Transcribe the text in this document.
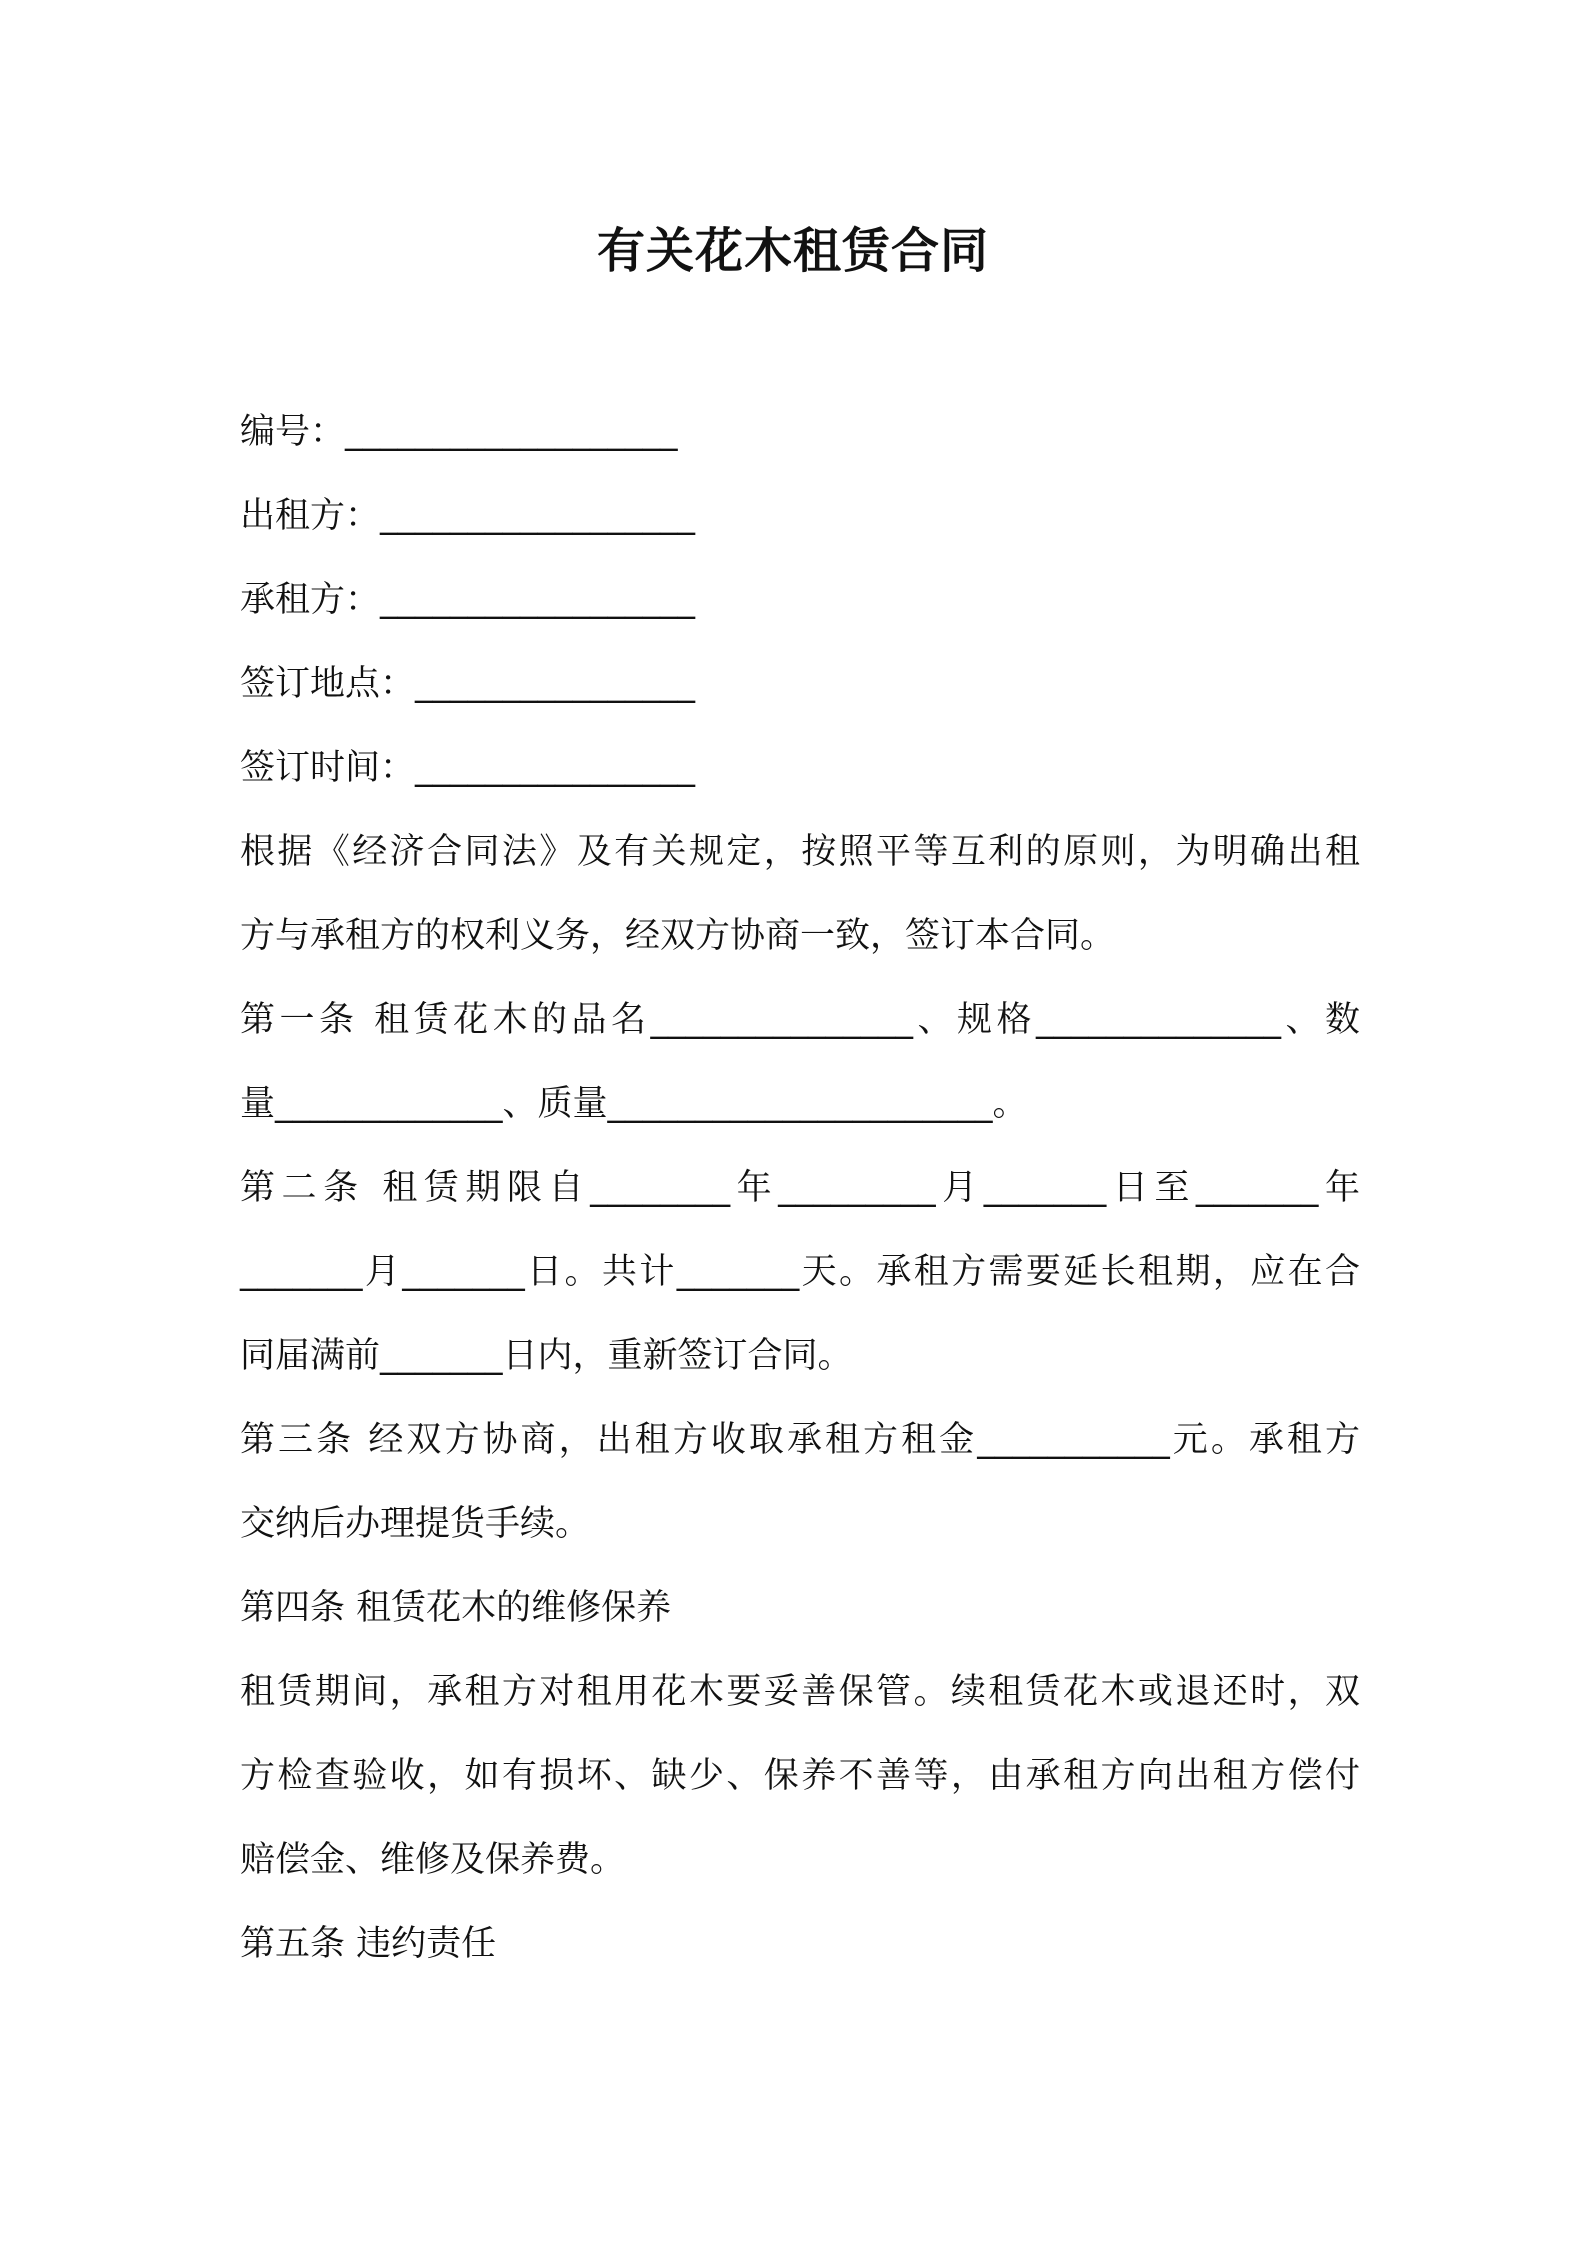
有关花木租赁合同
编号：___________________
出租方：__________________
承租方：__________________
签订地点：________________
签订时间：________________
根据《经济合同法》及有关规定，按照平等互利的原则，为明确出租
方与承租方的权利义务，经双方协商一致，签订本合同。
第一条 租赁花木的品名_______________、规格______________、数
量_____________、质量______________________。
第二条 租赁期限自________年_________月_______日至_______年
_______月_______日。共计_______天。承租方需要延长租期，应在合
同届满前_______日内，重新签订合同。
第三条 经双方协商，出租方收取承租方租金___________元。承租方
交纳后办理提货手续。
第四条 租赁花木的维修保养
租赁期间，承租方对租用花木要妥善保管。续租赁花木或退还时，双
方检查验收，如有损坏、缺少、保养不善等，由承租方向出租方偿付
赔偿金、维修及保养费。
第五条 违约责任
